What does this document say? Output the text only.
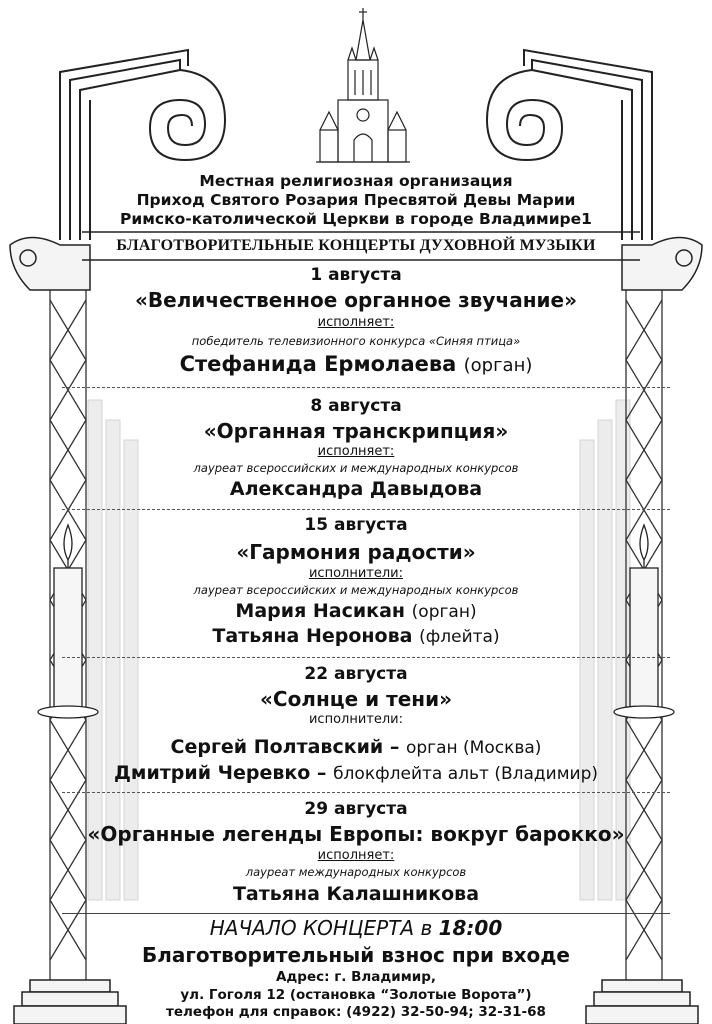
Местная религиозная организация
Приход Святого Розария Пресвятой Девы Марии
Римско-католической Церкви в городе Владимире1
БЛАГОТВОРИТЕЛЬНЫЕ КОНЦЕРТЫ ДУХОВНОЙ МУЗЫКИ
1 августа
«Величественное органное звучание»
исполняет:
победитель телевизионного конкурса «Синяя птица»
Стефанида Ермолаева (орган)
8 августа
«Органная транскрипция»
исполняет:
лауреат всероссийских и международных конкурсов
Александра Давыдова
15 августа
«Гармония радости»
исполнители:
лауреат всероссийских и международных конкурсов
Мария Насикан (орган)
Татьяна Неронова (флейта)
22 августа
«Солнце и тени»
исполнители:
Сергей Полтавский – орган (Москва)
Дмитрий Черевко – блокфлейта альт (Владимир)
29 августа
«Органные легенды Европы: вокруг барокко»
исполняет:
лауреат международных конкурсов
Татьяна Калашникова
НАЧАЛО КОНЦЕРТА в 18:00
Благотворительный взнос при входе
Адрес: г. Владимир,
ул. Гоголя 12 (остановка “Золотые Ворота”)
телефон для справок: (4922) 32-50-94; 32-31-68
